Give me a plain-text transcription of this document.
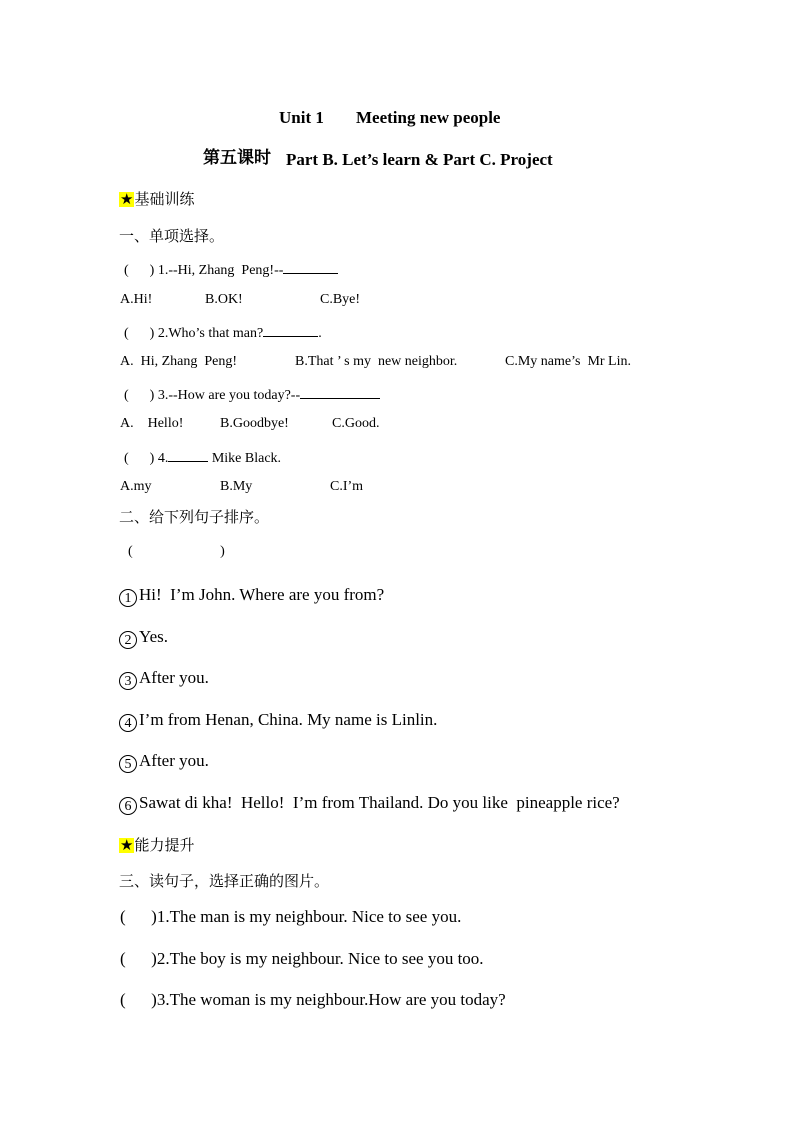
Unit 1 Meeting new people
第五课时 Part B. Let’s learn & Part C. Project
★基础训练
一、单项选择。
(      ) 1.--Hi, Zhang  Peng!--
A.Hi!	B.OK!	C.Bye!
(      ) 2.Who’s that man?	.
A.  Hi, Zhang  Peng!	B.That ’ s my  new neighbor.	C.My name’s  Mr Lin.
(      ) 3.--How are you today?--
A.    Hello!	B.Goodbye!	C.Good.
(      ) 4.	Mike Black.
A.my	B.My	C.I’m
二、给下列句子排序。
(                         )
1 Hi!  I’m John. Where are you from?
2 Yes.
3 After you.
4 I’m from Henan, China. My name is Linlin.
5 After you.
6 Sawat di kha!  Hello!  I’m from Thailand. Do you like  pineapple rice?
★能力提升
三、读句子，选择正确的图片。
(      )1.The man is my neighbour. Nice to see you.
(      )2.The boy is my neighbour. Nice to see you too.
(      )3.The woman is my neighbour.How are you today?
